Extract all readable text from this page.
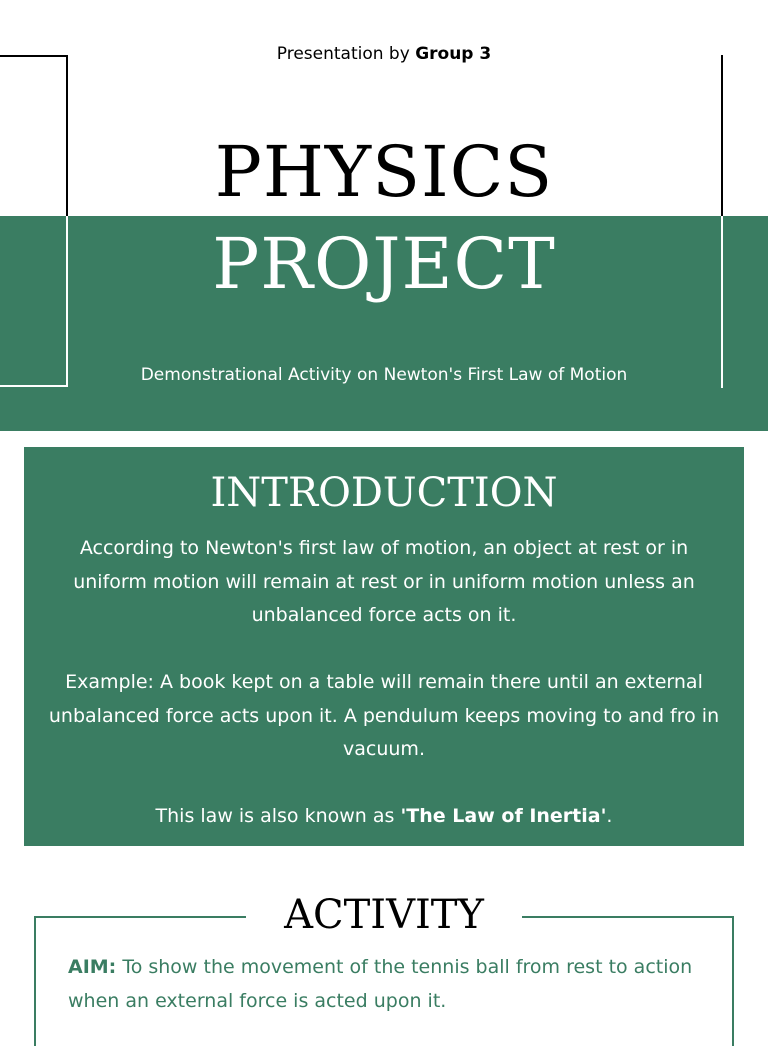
Presentation by Group 3
PHYSICS
PROJECT
Demonstrational Activity on Newton's First Law of Motion
INTRODUCTION
According to Newton's first law of motion, an object at rest or in uniform motion will remain at rest or in uniform motion unless an unbalanced force acts on it.
Example: A book kept on a table will remain there until an external unbalanced force acts upon it. A pendulum keeps moving to and fro in vacuum.
This law is also known as 'The Law of Inertia'.
ACTIVITY
AIM: To show the movement of the tennis ball from rest to action when an external force is acted upon it.
